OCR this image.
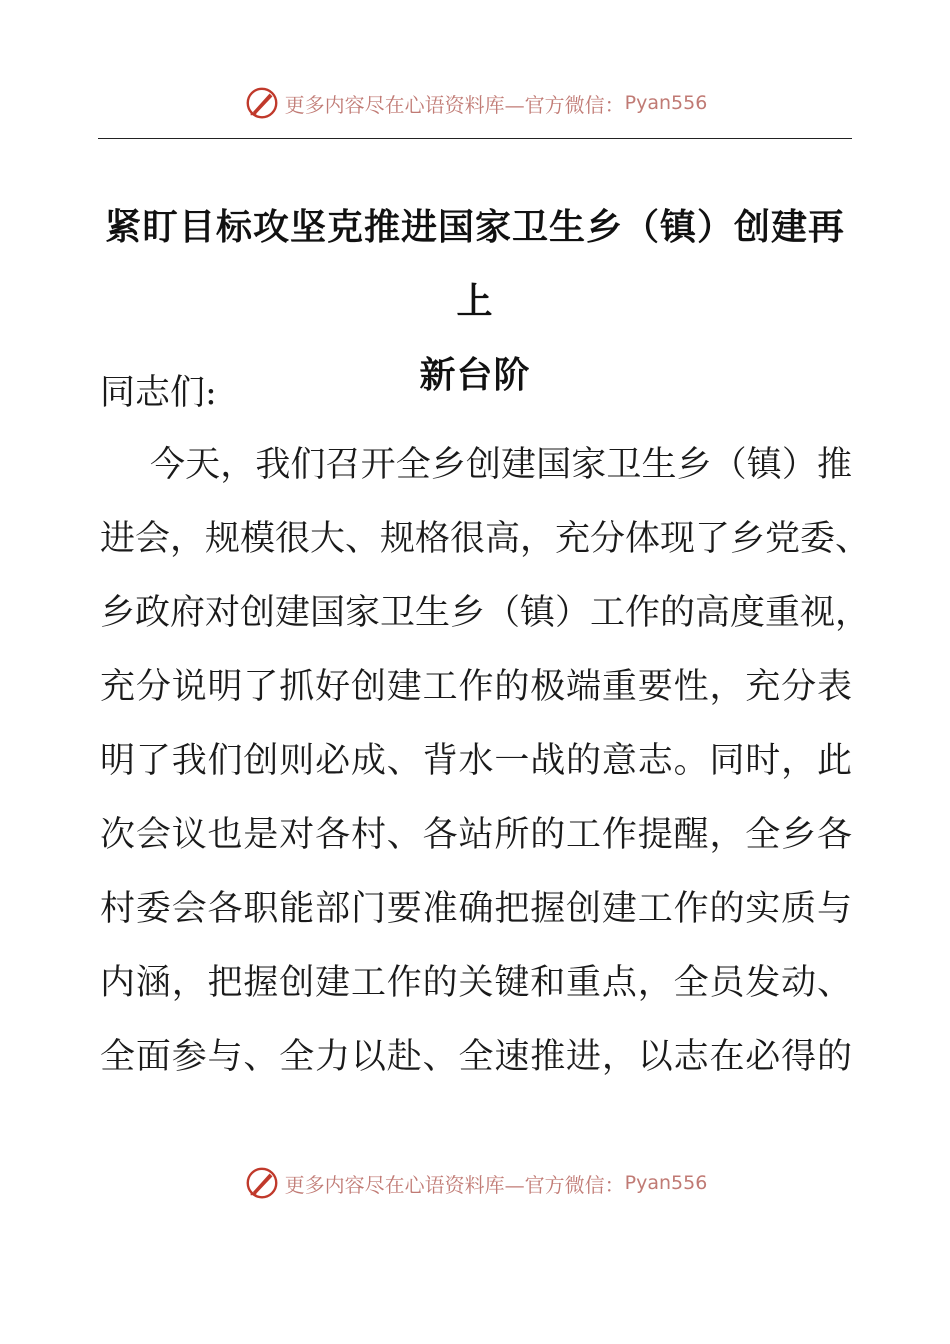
更多内容尽在心语资料库—官方微信： Pyan556
紧盯目标攻坚克推进国家卫生乡（镇）创建再上
新台阶
同志们:
今天，我们召开全乡创建国家卫生乡（镇）推
进会，规模很大、规格很高，充分体现了乡党委、
乡政府对创建国家卫生乡（镇）工作的高度重视，
充分说明了抓好创建工作的极端重要性，充分表
明了我们创则必成、背水一战的意志。同时，此
次会议也是对各村、各站所的工作提醒，全乡各
村委会各职能部门要准确把握创建工作的实质与
内涵，把握创建工作的关键和重点，全员发动、
全面参与、全力以赴、全速推进，以志在必得的
更多内容尽在心语资料库—官方微信： Pyan556
